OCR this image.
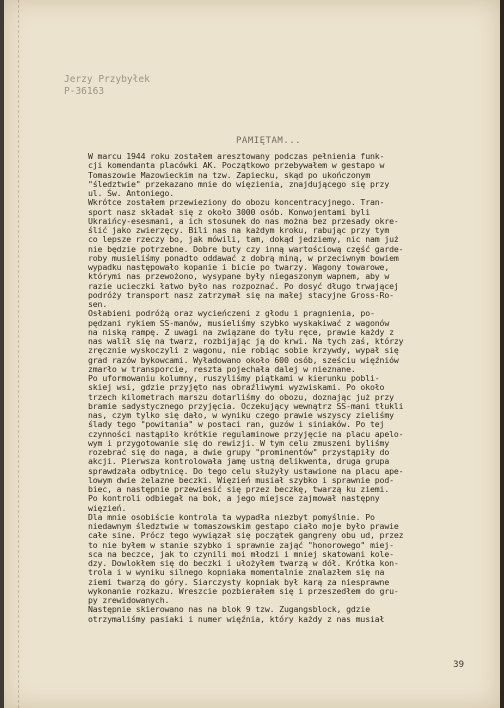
Jerzy Przybyłek
P-36163
PAMIĘTAM...

W marcu 1944 roku zostałem aresztowany podczas pełnienia funk-
cji komendanta placówki AK. Początkowo przebywałem w gestapo w
Tomaszowie Mazowieckim na tzw. Zapiecku, skąd po ukończonym
"śledztwie" przekazano mnie do więzienia, znajdującego się przy
ul. Św. Antoniego.

Wkrótce zostałem przewieziony do obozu koncentracyjnego. Tran-
sport nasz składał się z około 3000 osób. Konwojentami byli
Ukraińcy-esesmani, a ich stosunek do nas można bez przesady okre-
ślić jako zwierzęcy. Bili nas na każdym kroku, rabując przy tym
co lepsze rzeczy bo, jak mówili, tam, dokąd jedziemy, nic nam już
nie będzie potrzebne. Dobre buty czy inną wartościową część garde-
roby musieliśmy ponadto oddawać z dobrą miną, w przeciwnym bowiem
wypadku następowało kopanie i bicie po twarzy. Wagony towarowe,
którymi nas przewożono, wysypane były niegaszonym wapnem, aby w
razie ucieczki łatwo było nas rozpoznać. Po dosyć długo trwającej
podróży transport nasz zatrzymał się na małej stacyjne Gross-Ro-
sen.

Osłabieni podróżą oraz wycieńczeni z głodu i pragnienia, po-
pędzani rykiem SS-manów, musieliśmy szybko wyskakiwać z wagonów
na niską rampę. Z uwagi na związane do tyłu ręce, prawie każdy z
nas walił się na twarz, rozbijając ją do krwi. Na tych zaś, którzy
zręcznie wyskoczyli z wagonu, nie robiąc sobie krzywdy, wypał się
grad razów bykowcami. Wyładowano około 600 osób, sześciu więźniów
zmarło w transporcie, reszta pojechała dalej w nieznane.

Po uformowaniu kolumny, ruszyliśmy piątkami w kierunku pobli-
skiej wsi, gdzie przyjęto nas obraźliwymi wyzwiskami. Po około
trzech kilometrach marszu dotarliśmy do obozu, doznając już przy
bramie sadystycznego przyjęcia. Oczekujący wewnątrz SS-mani tłukli
nas, czym tylko się dało, w wyniku czego prawie wszyscy zieliśmy
ślady tego "powitania" w postaci ran, guzów i siniaków. Po tej
czynności nastąpiło krótkie regulaminowe przyjęcie na placu apelo-
wym i przygotowanie się do rewizji. W tym celu zmuszeni byliśmy
rozebrać się do naga, a dwie grupy "prominentów" przystąpiły do
akcji. Pierwsza kontrolowała jamę ustną delikwenta, druga grupa
sprawdzała odbytnicę. Do tego celu służyły ustawione na placu ape-
lowym dwie żelazne beczki. Więzień musiał szybko i sprawnie pod-
biec, a następnie przewiesić się przez beczkę, twarzą ku ziemi.
Po kontroli odbiegał na bok, a jego miejsce zajmował następny
więzień.

Dla mnie osobiście kontrola ta wypadła niezbyt pomyślnie. Po
niedawnym śledztwie w tomaszowskim gestapo ciało moje było prawie
całe sine. Prócz tego wywiązał się początek gangreny obu ud, przez
to nie byłem w stanie szybko i sprawnie zająć "honorowego" miej-
sca na beczce, jak to czynili moi młodzi i mniej skatowani kole-
dzy. Dowlokłem się do beczki i ułożyłem twarzą w dół. Krótka kon-
trola i w wyniku silnego kopniaka momentalnie znalazłem się na
ziemi twarzą do góry. Siarczysty kopniak był karą za niesprawne
wykonanie rozkazu. Wreszcie pozbierałem się i przeszedłem do gru-
py zrewidowanych.

Następnie skierowano nas na blok 9 tzw. Zugangsblock, gdzie
otrzymaliśmy pasiaki i numer więźnia, który każdy z nas musiał

39
